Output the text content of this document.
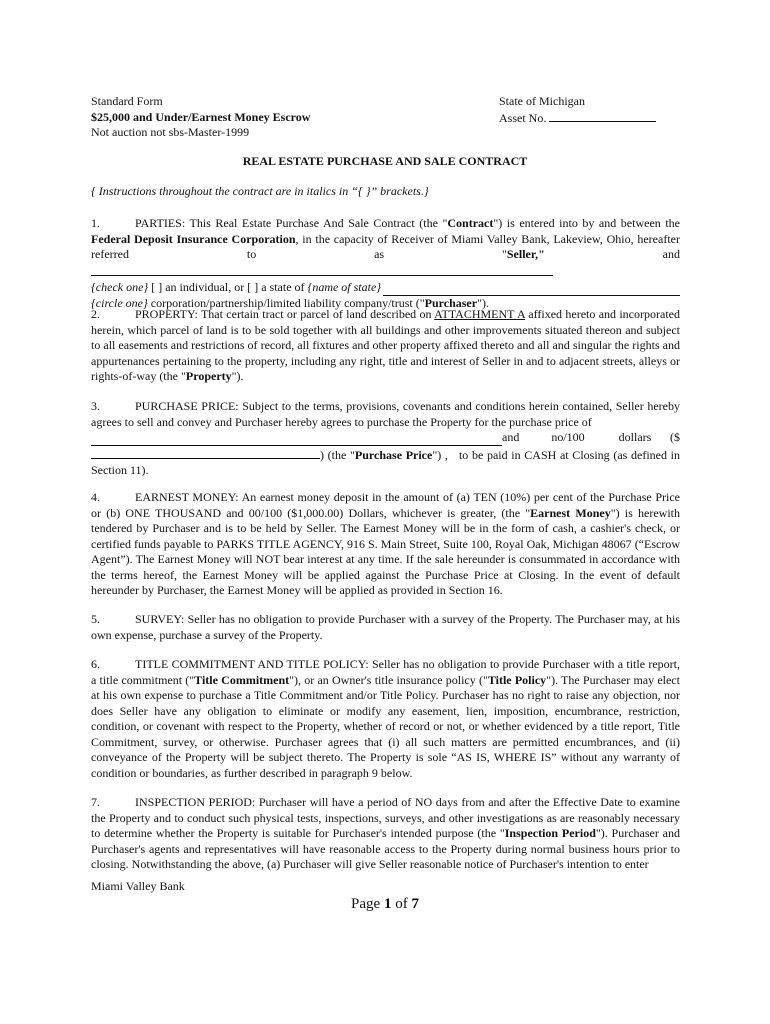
Standard Form
$25,000 and Under/Earnest Money Escrow
Not auction not sbs-Master-1999
State of Michigan
Asset No.
REAL ESTATE PURCHASE AND SALE CONTRACT
{ Instructions throughout the contract are in italics in “{ }” brackets.}
1.	PARTIES: This Real Estate Purchase And Sale Contract (the "Contract") is entered into by and between the Federal Deposit Insurance Corporation, in the capacity of Receiver of Miami Valley Bank, Lakeview, Ohio, hereafter referred to as "Seller," and
{check one} [ ] an individual, or [ ] a state of {name of state}
{circle one} corporation/partnership/limited liability company/trust ("Purchaser").
2.	PROPERTY: That certain tract or parcel of land described on ATTACHMENT A affixed hereto and incorporated herein, which parcel of land is to be sold together with all buildings and other improvements situated thereon and subject to all easements and restrictions of record, all fixtures and other property affixed thereto and all and singular the rights and appurtenances pertaining to the property, including any right, title and interest of Seller in and to adjacent streets, alleys or rights-of-way (the "Property").
3.	PURCHASE PRICE: Subject to the terms, provisions, covenants and conditions herein contained, Seller hereby agrees to sell and convey and Purchaser hereby agrees to purchase the Property for the purchase price of
and	no/100	dollars ($
) (the "Purchase Price") ,   to be paid in CASH at Closing (as defined in Section 11).
4.	EARNEST MONEY: An earnest money deposit in the amount of (a) TEN (10%) per cent of the Purchase Price or (b) ONE THOUSAND and 00/100 ($1,000.00) Dollars, whichever is greater, (the "Earnest Money") is herewith tendered by Purchaser and is to be held by Seller. The Earnest Money will be in the form of cash, a cashier's check, or certified funds payable to PARKS TITLE AGENCY, 916 S. Main Street, Suite 100, Royal Oak, Michigan 48067 (“Escrow Agent”). The Earnest Money will NOT bear interest at any time. If the sale hereunder is consummated in accordance with the terms hereof, the Earnest Money will be applied against the Purchase Price at Closing. In the event of default hereunder by Purchaser, the Earnest Money will be applied as provided in Section 16.
5.	SURVEY: Seller has no obligation to provide Purchaser with a survey of the Property. The Purchaser may, at his own expense, purchase a survey of the Property.
6.	TITLE COMMITMENT AND TITLE POLICY: Seller has no obligation to provide Purchaser with a title report, a title commitment ("Title Commitment"), or an Owner's title insurance policy ("Title Policy"). The Purchaser may elect at his own expense to purchase a Title Commitment and/or Title Policy. Purchaser has no right to raise any objection, nor does Seller have any obligation to eliminate or modify any easement, lien, imposition, encumbrance, restriction, condition, or covenant with respect to the Property, whether of record or not, or whether evidenced by a title report, Title Commitment, survey, or otherwise. Purchaser agrees that (i) all such matters are permitted encumbrances, and (ii) conveyance of the Property will be subject thereto. The Property is sole “AS IS, WHERE IS” without any warranty of condition or boundaries, as further described in paragraph 9 below.
7.	INSPECTION PERIOD: Purchaser will have a period of NO days from and after the Effective Date to examine the Property and to conduct such physical tests, inspections, surveys, and other investigations as are reasonably necessary to determine whether the Property is suitable for Purchaser's intended purpose (the "Inspection Period"). Purchaser and Purchaser's agents and representatives will have reasonable access to the Property during normal business hours prior to closing. Notwithstanding the above, (a) Purchaser will give Seller reasonable notice of Purchaser's intention to enter
Miami Valley Bank
Page 1 of 7
